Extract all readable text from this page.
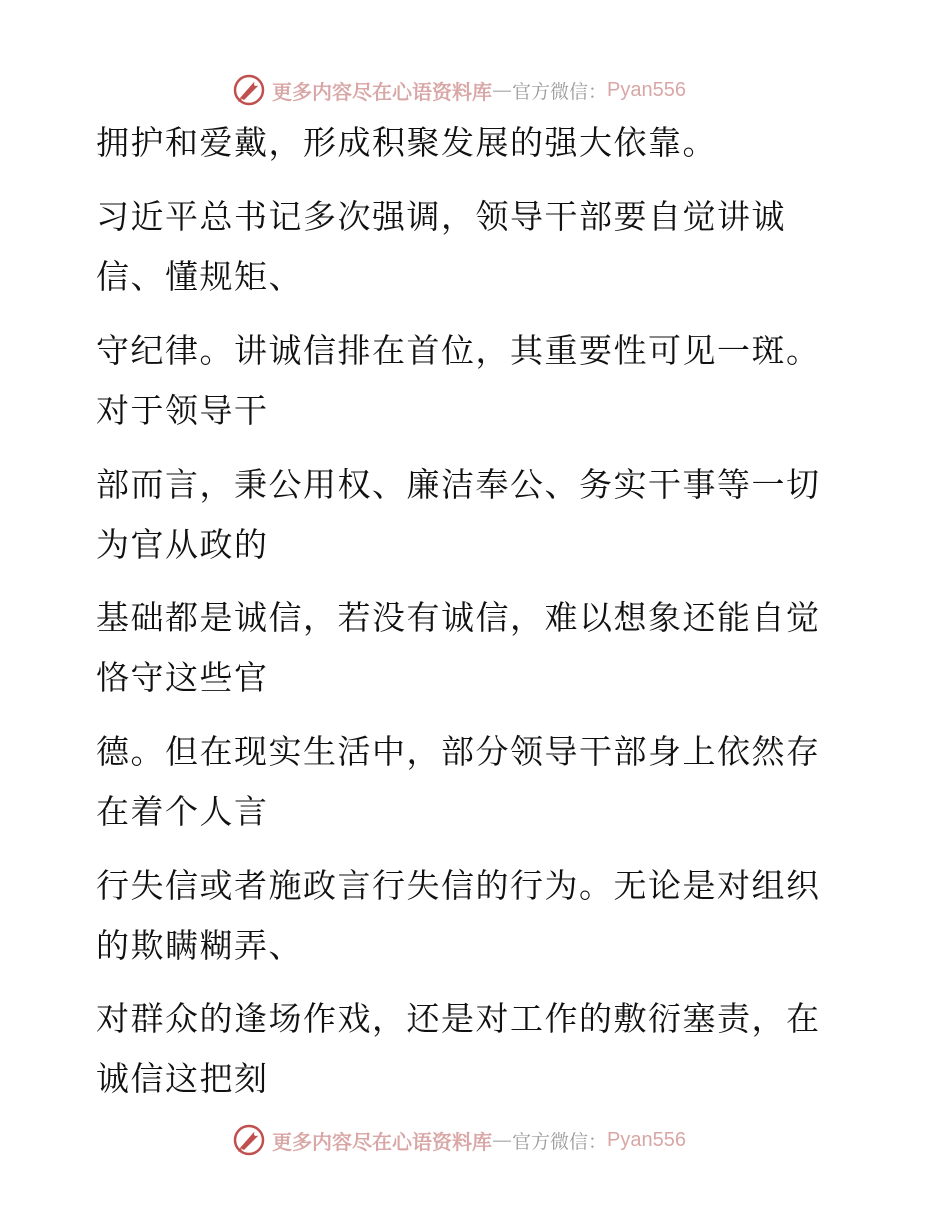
更多内容尽在心语资料库 — 官方微信： Pyan556
拥护和爱戴，形成积聚发展的强大依靠。
习近平总书记多次强调，领导干部要自觉讲诚
信、懂规矩、
守纪律。讲诚信排在首位，其重要性可见一斑。
对于领导干
部而言，秉公用权、廉洁奉公、务实干事等一切
为官从政的
基础都是诚信，若没有诚信，难以想象还能自觉
恪守这些官
德。但在现实生活中，部分领导干部身上依然存
在着个人言
行失信或者施政言行失信的行为。无论是对组织
的欺瞒糊弄、
对群众的逢场作戏，还是对工作的敷衍塞责，在
诚信这把刻
更多内容尽在心语资料库 — 官方微信： Pyan556
